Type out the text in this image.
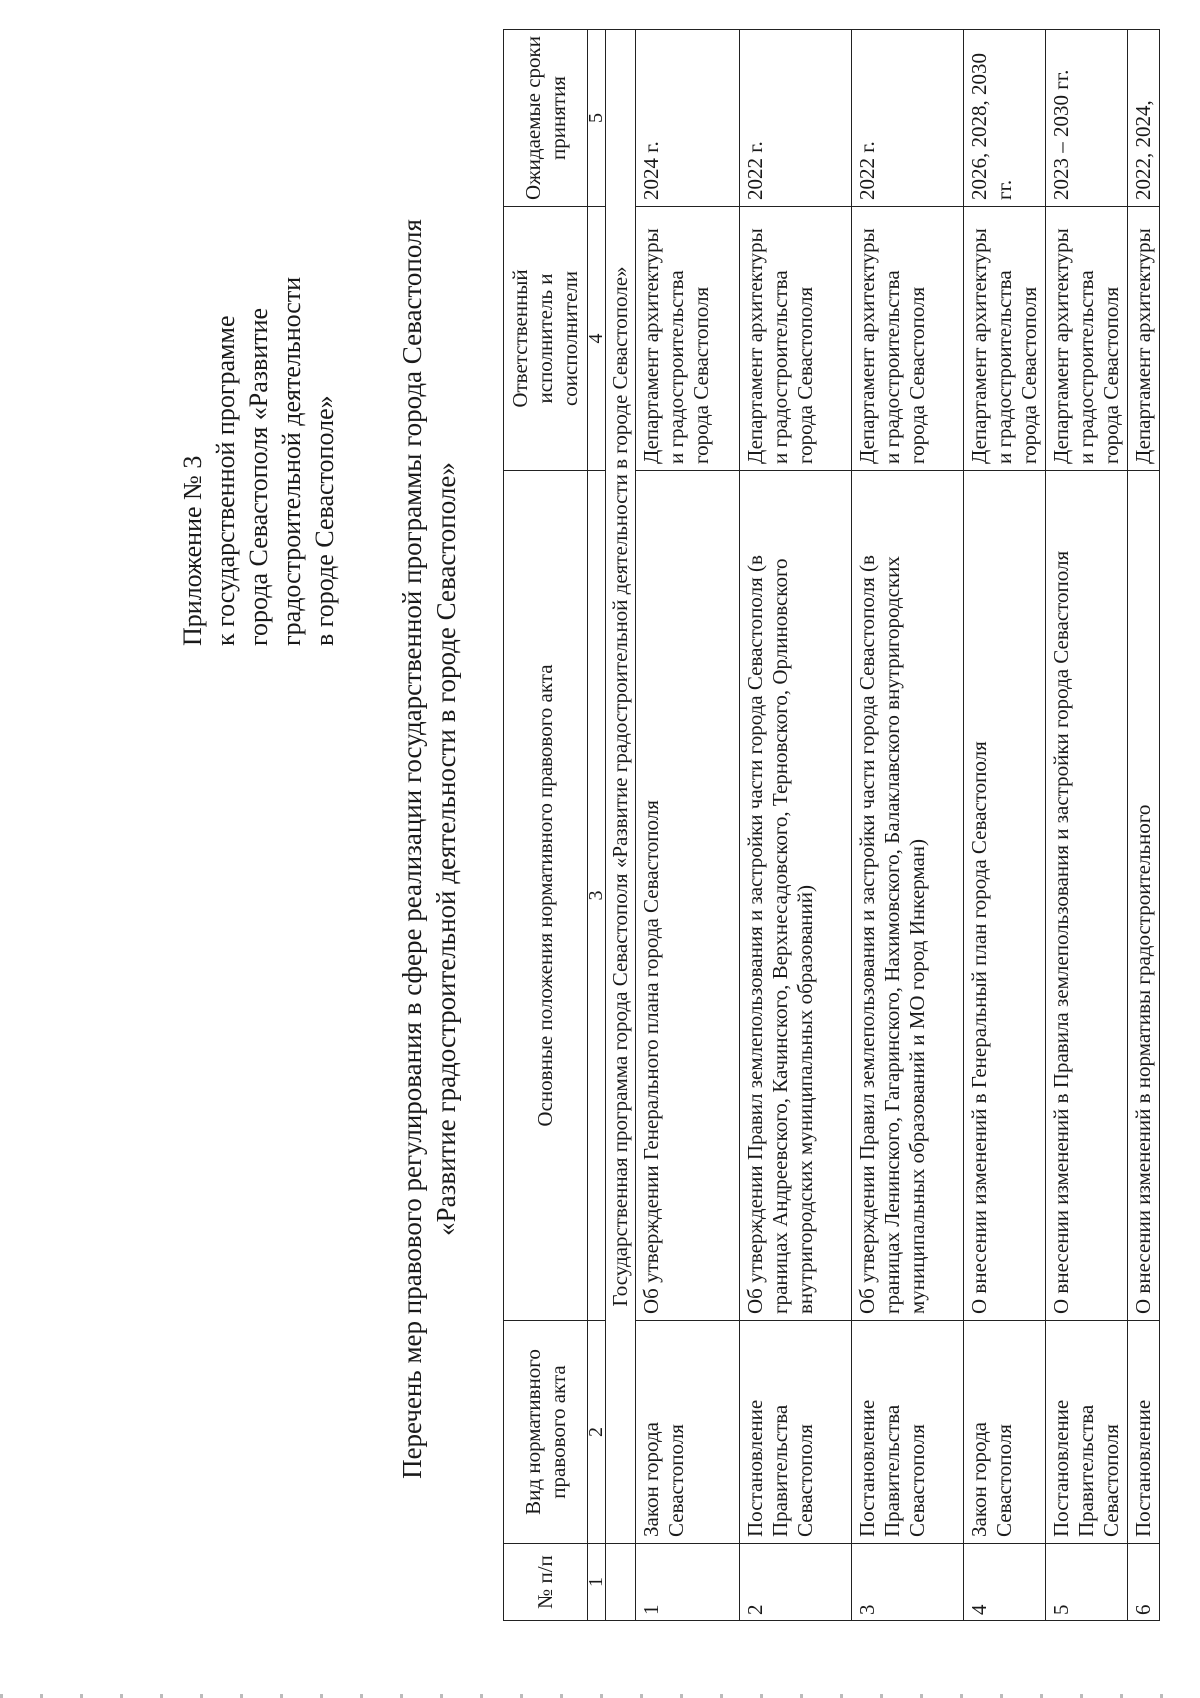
Приложение № 3 к государственной программе города Севастополя «Развитие градостроительной деятельности в городе Севастополе» Перечень мер правового регулирования в сфере реализации государственной программы города Севастополя «Развитие градостроительной деятельности в городе Севастополе»
№ п/п	Вид нормативного правового акта	Основные положения нормативного правового акта	Ответственный исполнитель и соисполнители	Ожидаемые сроки принятия
1	2	3	4	5
	Государственная программа города Севастополя «Развитие градостроительной деятельности в городе Севастополе»			
1	Закон города Севастополя	Об утверждении Генерального плана города Севастополя	Департамент архитектуры и градостроительства города Севастополя	2024 г.
2	Постановление Правительства Севастополя	Об утверждении Правил землепользования и застройки части города Севастополя (в границах Андреевского, Качинского, Верхнесадовского, Терновского, Орлиновского внутригородских муниципальных образований)	Департамент архитектуры и градостроительства города Севастополя	2022 г.
3	Постановление Правительства Севастополя	Об утверждении Правил землепользования и застройки части города Севастополя (в границах Ленинского, Гагаринского, Нахимовского, Балаклавского внутригородских муниципальных образований и МО город Инкерман)	Департамент архитектуры и градостроительства города Севастополя	2022 г.
4	Закон города Севастополя	О внесении изменений в Генеральный план города Севастополя	Департамент архитектуры и градостроительства города Севастополя	2026, 2028, 2030 гг.
5	Постановление Правительства Севастополя	О внесении изменений в Правила землепользования и застройки города Севастополя	Департамент архитектуры и градостроительства города Севастополя	2023 – 2030 гг.
6	Постановление	О внесении изменений в нормативы градостроительного	Департамент архитектуры	2022, 2024,
